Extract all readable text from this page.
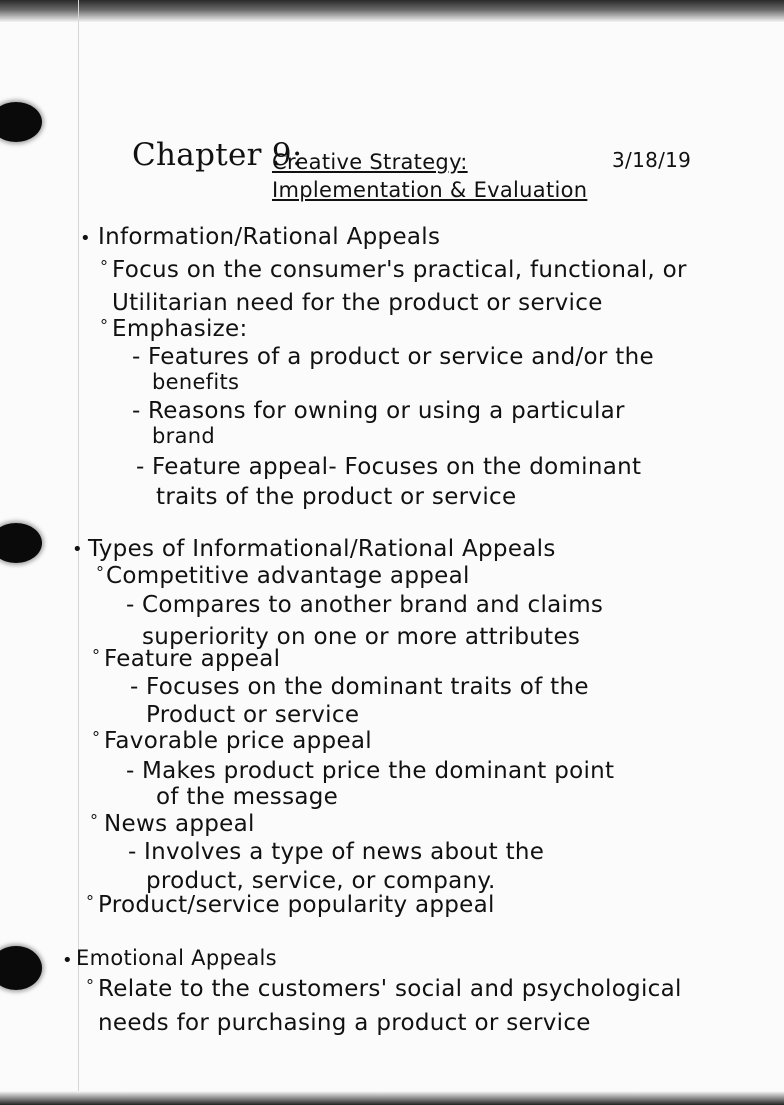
Chapter 9:
Creative Strategy:
Implementation & Evaluation
3/18/19
• Information/Rational Appeals
° Focus on the consumer's practical, functional, or
Utilitarian need for the product or service
° Emphasize:
- Features of a product or service and/or the
benefits
- Reasons for owning or using a particular
brand
- Feature appeal- Focuses on the dominant
traits of the product or service
• Types of Informational/Rational Appeals
° Competitive advantage appeal
- Compares to another brand and claims
superiority on one or more attributes
° Feature appeal
- Focuses on the dominant traits of the
Product or service
° Favorable price appeal
- Makes product price the dominant point
of the message
° News appeal
- Involves a type of news about the
product, service, or company.
° Product/service popularity appeal
• Emotional Appeals
° Relate to the customers' social and psychological
needs for purchasing a product or service
